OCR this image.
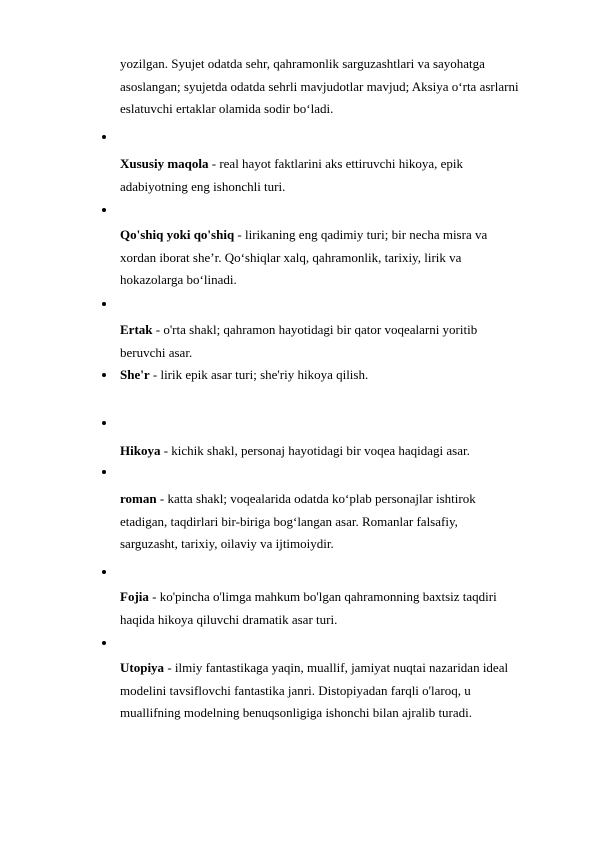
yozilgan. Syujet odatda sehr, qahramonlik sarguzashtlari va sayohatga
asoslangan; syujetda odatda sehrli mavjudotlar mavjud; Aksiya o‘rta asrlarni
eslatuvchi ertaklar olamida sodir bo‘ladi.
Xususiy maqola - real hayot faktlarini aks ettiruvchi hikoya, epik
adabiyotning eng ishonchli turi.
Qo'shiq yoki qo'shiq - lirikaning eng qadimiy turi; bir necha misra va
xordan iborat she’r. Qo‘shiqlar xalq, qahramonlik, tarixiy, lirik va
hokazolarga bo‘linadi.
Ertak - o'rta shakl; qahramon hayotidagi bir qator voqealarni yoritib
beruvchi asar.

She'r - lirik epik asar turi; she'riy hikoya qilish.
Hikoya - kichik shakl, personaj hayotidagi bir voqea haqidagi asar.
roman - katta shakl; voqealarida odatda ko‘plab personajlar ishtirok
etadigan, taqdirlari bir-biriga bog‘langan asar. Romanlar falsafiy,
sarguzasht, tarixiy, oilaviy va ijtimoiydir.
Fojia - ko'pincha o'limga mahkum bo'lgan qahramonning baxtsiz taqdiri
haqida hikoya qiluvchi dramatik asar turi.
Utopiya - ilmiy fantastikaga yaqin, muallif, jamiyat nuqtai nazaridan ideal
modelini tavsiflovchi fantastika janri. Distopiyadan farqli o'laroq, u
muallifning modelning benuqsonligiga ishonchi bilan ajralib turadi.
